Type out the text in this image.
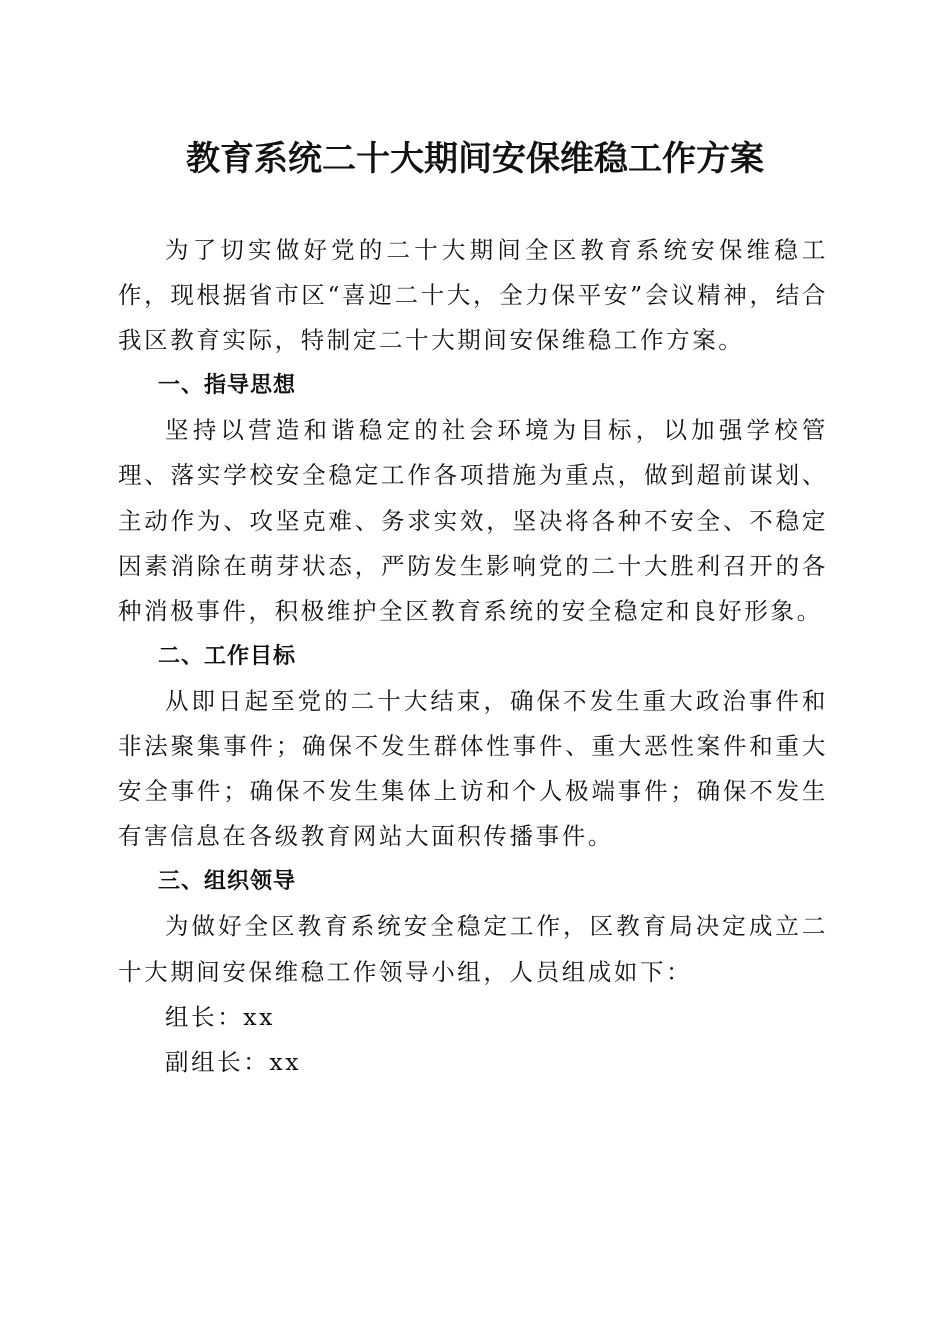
教育系统二十大期间安保维稳工作方案

为了切实做好党的二十大期间全区教育系统安保维稳工作，现根据省市区“喜迎二十大，全力保平安”会议精神，结合我区教育实际，特制定二十大期间安保维稳工作方案。

一、指导思想

坚持以营造和谐稳定的社会环境为目标，以加强学校管理、落实学校安全稳定工作各项措施为重点，做到超前谋划、主动作为、攻坚克难、务求实效，坚决将各种不安全、不稳定因素消除在萌芽状态，严防发生影响党的二十大胜利召开的各种消极事件，积极维护全区教育系统的安全稳定和良好形象。

二、工作目标

从即日起至党的二十大结束，确保不发生重大政治事件和非法聚集事件；确保不发生群体性事件、重大恶性案件和重大安全事件；确保不发生集体上访和个人极端事件；确保不发生有害信息在各级教育网站大面积传播事件。

三、组织领导

为做好全区教育系统安全稳定工作，区教育局决定成立二十大期间安保维稳工作领导小组，人员组成如下：

组长：xx

副组长：xx
